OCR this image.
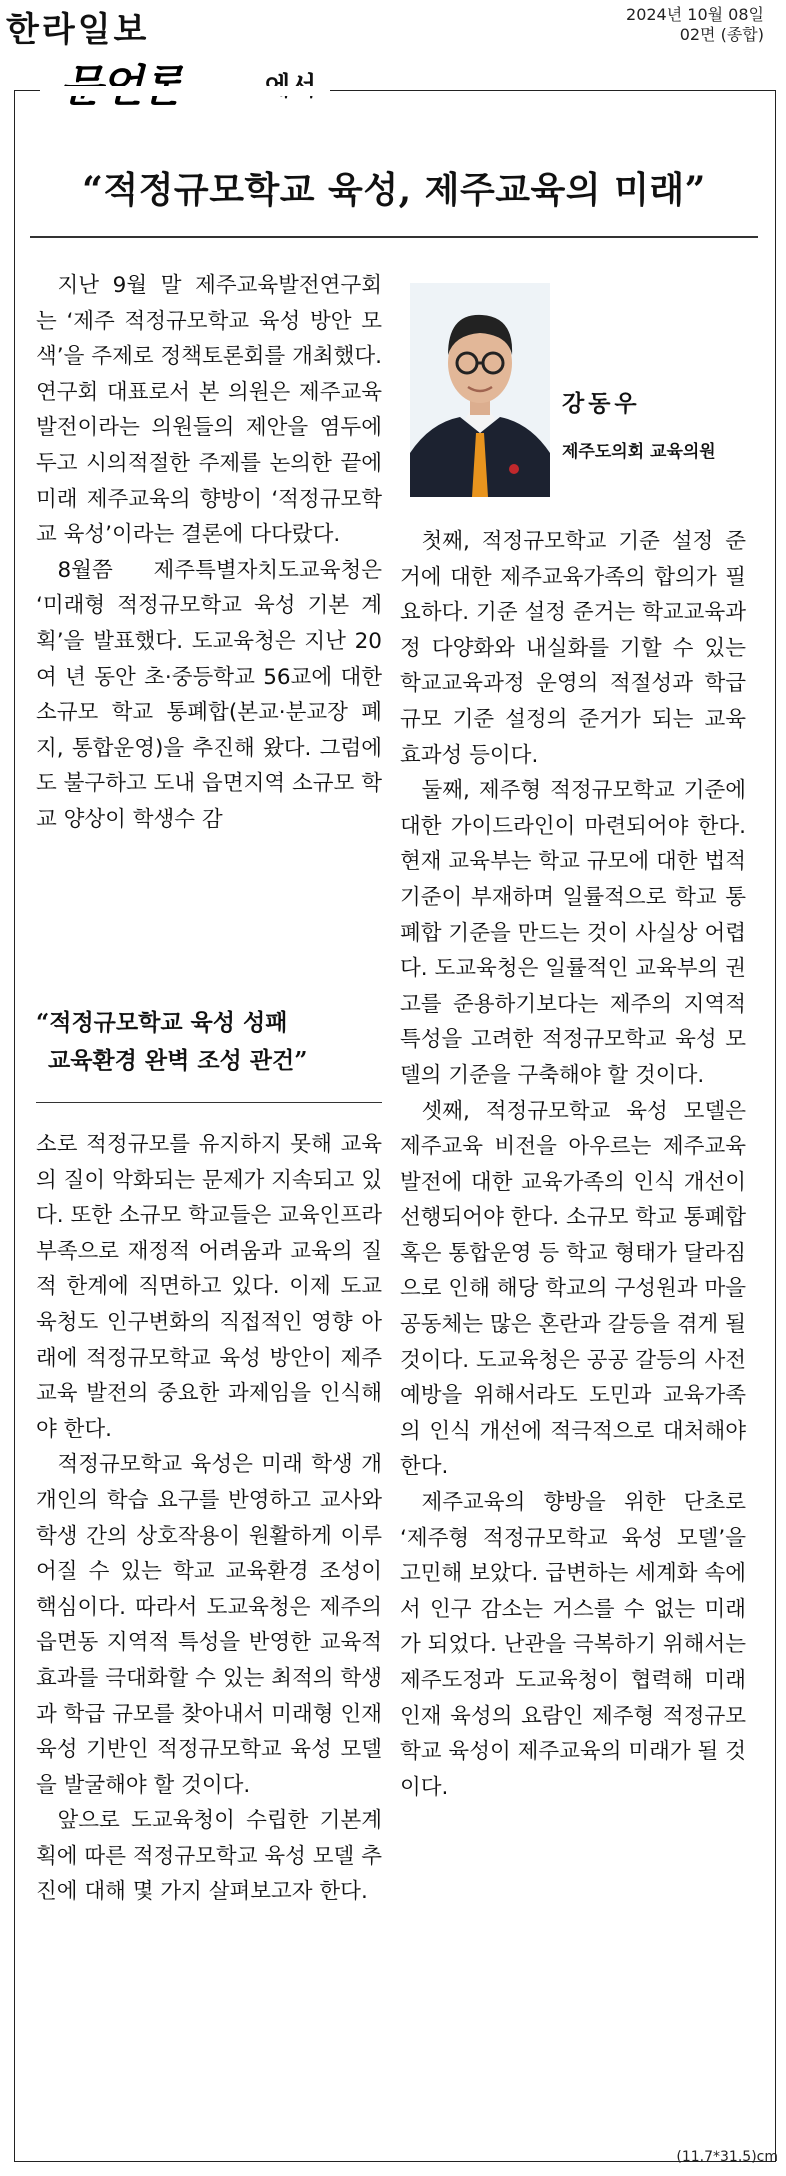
한라일보	2024년 10월 08일
02면 (종합)
“적정규모학교 육성, 제주교육의 미래”

지난 9월 말 제주교육발전연구회는 ‘제주 적정규모학교 육성 방안 모색’을 주제로 정책토론회를 개최했다. 연구회 대표로서 본 의원은 제주교육 발전이라는 의원들의 제안을 염두에 두고 시의적절한 주제를 논의한 끝에 미래 제주교육의 향방이 ‘적정규모학교 육성’이라는 결론에 다다랐다.

8월쯤 제주특별자치도교육청은 ‘미래형 적정규모학교 육성 기본 계획’을 발표했다. 도교육청은 지난 20여 년 동안 초·중등학교 56교에 대한 소규모 학교 통폐합(본교·분교장 폐지, 통합운영)을 추진해 왔다. 그럼에도 불구하고 도내 읍면지역 소규모 학교 양상이 학생수 감

“적정규모학교 육성 성패
교육환경 완벽 조성 관건”

소로 적정규모를 유지하지 못해 교육의 질이 악화되는 문제가 지속되고 있다. 또한 소규모 학교들은 교육인프라 부족으로 재정적 어려움과 교육의 질적 한계에 직면하고 있다. 이제 도교육청도 인구변화의 직접적인 영향 아래에 적정규모학교 육성 방안이 제주교육 발전의 중요한 과제임을 인식해야 한다.

적정규모학교 육성은 미래 학생 개개인의 학습 요구를 반영하고 교사와 학생 간의 상호작용이 원활하게 이루어질 수 있는 학교 교육환경 조성이 핵심이다. 따라서 도교육청은 제주의 읍면동 지역적 특성을 반영한 교육적 효과를 극대화할 수 있는 최적의 학생과 학급 규모를 찾아내서 미래형 인재 육성 기반인 적정규모학교 육성 모델을 발굴해야 할 것이다.

앞으로 도교육청이 수립한 기본계획에 따른 적정규모학교 육성 모델 추진에 대해 몇 가지 살펴보고자 한다.

강동우
제주도의회 교육의원

첫째, 적정규모학교 기준 설정 준거에 대한 제주교육가족의 합의가 필요하다. 기준 설정 준거는 학교교육과정 다양화와 내실화를 기할 수 있는 학교교육과정 운영의 적절성과 학급 규모 기준 설정의 준거가 되는 교육 효과성 등이다.

둘째, 제주형 적정규모학교 기준에 대한 가이드라인이 마련되어야 한다. 현재 교육부는 학교 규모에 대한 법적 기준이 부재하며 일률적으로 학교 통폐합 기준을 만드는 것이 사실상 어렵다. 도교육청은 일률적인 교육부의 권고를 준용하기보다는 제주의 지역적 특성을 고려한 적정규모학교 육성 모델의 기준을 구축해야 할 것이다.

셋째, 적정규모학교 육성 모델은 제주교육 비전을 아우르는 제주교육 발전에 대한 교육가족의 인식 개선이 선행되어야 한다. 소규모 학교 통폐합 혹은 통합운영 등 학교 형태가 달라짐으로 인해 해당 학교의 구성원과 마을공동체는 많은 혼란과 갈등을 겪게 될 것이다. 도교육청은 공공 갈등의 사전 예방을 위해서라도 도민과 교육가족의 인식 개선에 적극적으로 대처해야 한다.

제주교육의 향방을 위한 단초로 ‘제주형 적정규모학교 육성 모델’을 고민해 보았다. 급변하는 세계화 속에서 인구 감소는 거스를 수 없는 미래가 되었다. 난관을 극복하기 위해서는 제주도정과 도교육청이 협력해 미래 인재 육성의 요람인 제주형 적정규모학교 육성이 제주교육의 미래가 될 것이다.

(11.7*31.5)cm
